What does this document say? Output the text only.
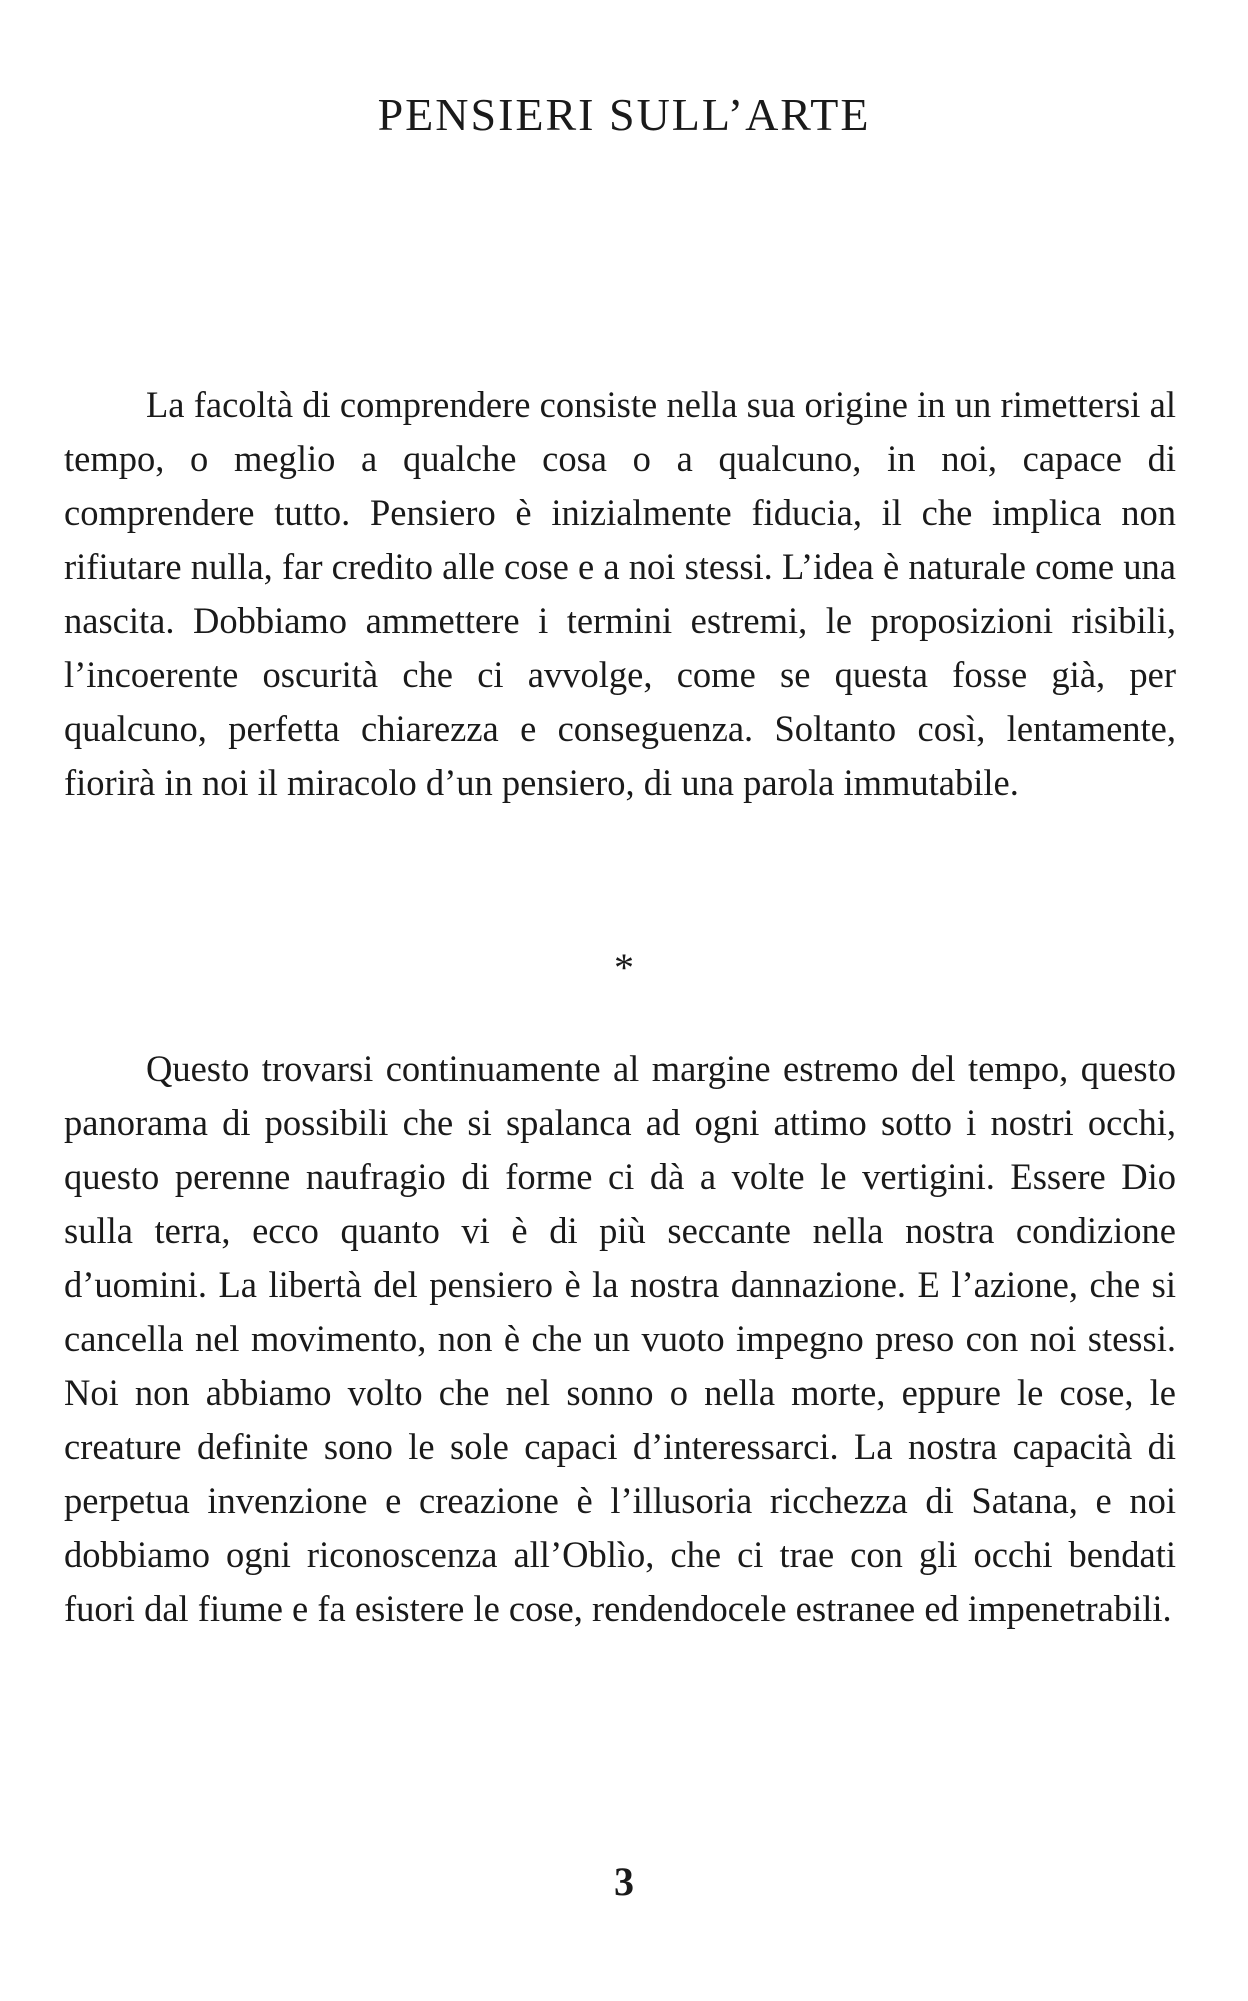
PENSIERI SULL’ARTE

La facoltà di comprendere consiste nella sua origine in un rimettersi al tempo, o meglio a qualche cosa o a qualcuno, in noi, capace di comprendere tutto. Pensiero è inizialmente fiducia, il che implica non rifiutare nulla, far credito alle cose e a noi stessi. L’idea è naturale come una nascita. Dobbiamo ammettere i termini estremi, le proposizioni risibili, l’incoerente oscurità che ci avvolge, come se questa fosse già, per qualcuno, perfetta chiarezza e conseguenza. Soltanto così, lentamente, fiorirà in noi il miracolo d’un pensiero, di una parola immutabile.

*

Questo trovarsi continuamente al margine estremo del tempo, questo panorama di possibili che si spalanca ad ogni attimo sotto i nostri occhi, questo perenne naufragio di forme ci dà a volte le vertigini. Essere Dio sulla terra, ecco quanto vi è di più seccante nella nostra condizione d’uomini. La libertà del pensiero è la nostra dannazione. E l’azione, che si cancella nel movimento, non è che un vuoto impegno preso con noi stessi. Noi non abbiamo volto che nel sonno o nella morte, eppure le cose, le creature definite sono le sole capaci d’interessarci. La nostra capacità di perpetua invenzione e creazione è l’illusoria ricchezza di Satana, e noi dobbiamo ogni riconoscenza all’Oblìo, che ci trae con gli occhi bendati fuori dal fiume e fa esistere le cose, rendendocele estranee ed impenetrabili.

3
